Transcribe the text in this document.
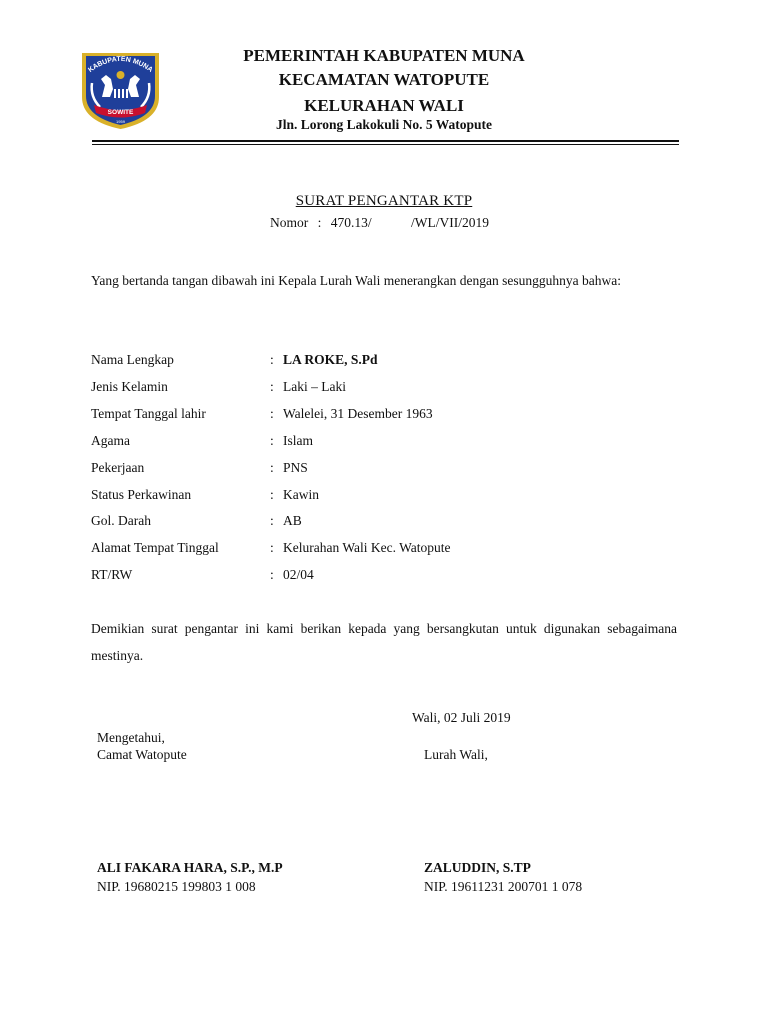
KABUPATEN MUNA
SOWITE
1959
PEMERINTAH KABUPATEN MUNA
KECAMATAN WATOPUTE
KELURAHAN WALI
Jln. Lorong Lakokuli No. 5 Watopute
SURAT PENGANTAR KTP
Nomor : 470.13/	/WL/VII/2019
Yang bertanda tangan dibawah ini Kepala Lurah Wali menerangkan dengan sesungguhnya bahwa:
Nama Lengkap	: LA ROKE, S.Pd
Jenis Kelamin	: Laki – Laki
Tempat Tanggal lahir	: Walelei, 31 Desember 1963
Agama	: Islam
Pekerjaan	: PNS
Status Perkawinan	: Kawin
Gol. Darah	: AB
Alamat Tempat Tinggal	: Kelurahan Wali Kec. Watopute
RT/RW	: 02/04
Demikian surat pengantar ini kami berikan kepada yang bersangkutan untuk digunakan sebagaimana mestinya.
Wali, 02 Juli 2019
Mengetahui,
Camat Watopute
ALI FAKARA HARA, S.P., M.P
NIP. 19680215 199803 1 008
Lurah Wali,
ZALUDDIN, S.TP
NIP. 19611231 200701 1 078
